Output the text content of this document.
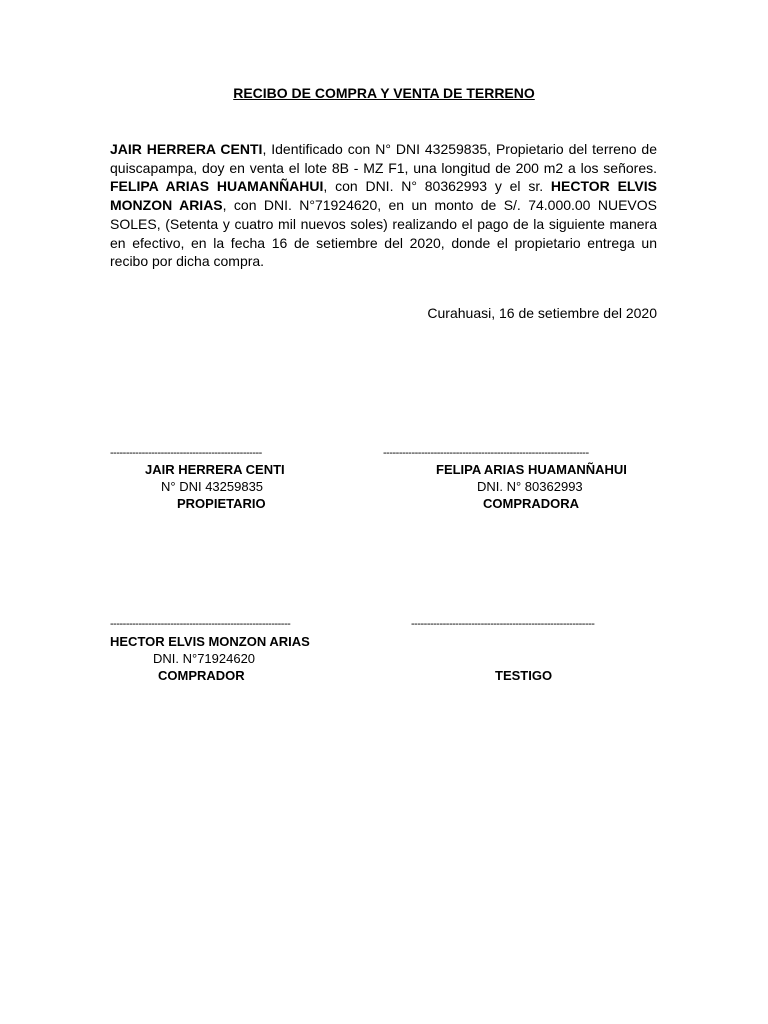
RECIBO DE COMPRA Y VENTA DE TERRENO
JAIR HERRERA CENTI, Identificado con N° DNI 43259835, Propietario del terreno de quiscapampa, doy en venta el lote 8B - MZ F1, una longitud de 200 m2 a los señores. FELIPA ARIAS HUAMANÑAHUI, con DNI. N° 80362993 y el sr. HECTOR ELVIS MONZON ARIAS, con DNI. N°71924620, en un monto de S/. 74.000.00 NUEVOS SOLES, (Setenta y cuatro mil nuevos soles) realizando el pago de la siguiente manera en efectivo, en la fecha 16 de setiembre del 2020, donde el propietario entrega un recibo por dicha compra.
Curahuasi, 16 de setiembre del 2020
------------------------------------------------
JAIR HERRERA CENTI
N° DNI 43259835
PROPIETARIO
-----------------------------------------------------------------
FELIPA ARIAS HUAMANÑAHUI
DNI. N° 80362993
COMPRADORA
---------------------------------------------------------
HECTOR ELVIS MONZON ARIAS
DNI. N°71924620
COMPRADOR
----------------------------------------------------------
TESTIGO
